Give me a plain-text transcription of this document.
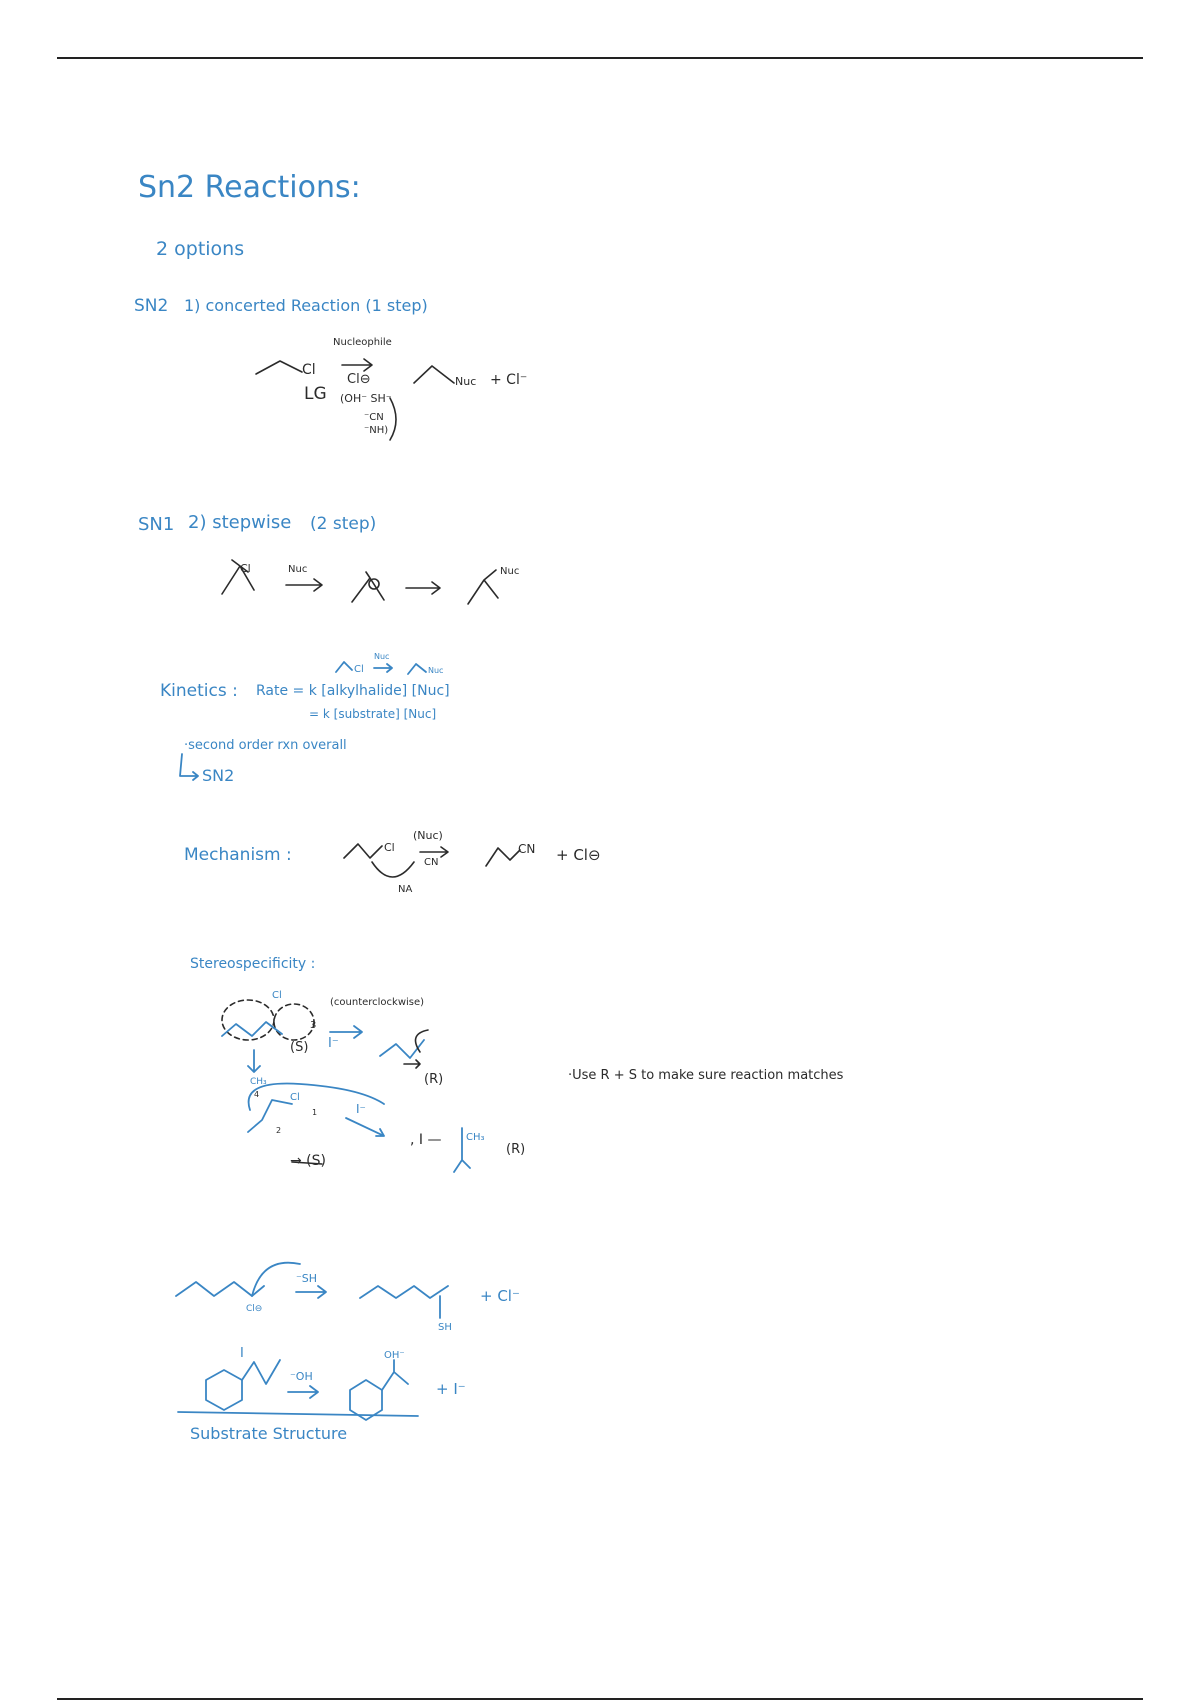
Sn2 Reactions:
2 options
SN2 1) concerted Reaction (1 step)
Nucleophile
Cl
LG
Cl⊖
(OH⁻ SH⁻
⁻CN
⁻NH)
Nuc + Cl⁻
SN1 2) stepwise (2 step)
Cl	Nuc	Nuc
Cl
Nuc
Nuc
Kinetics : Rate = k [alkylhalide] [Nuc]
= k [substrate] [Nuc]
·second order rxn overall
SN2
Mechanism :
(Nuc)
Cl
CN
NA
CN + Cl⊖
Stereospecificity :
(counterclockwise)
Cl
3
I⁻
(S)
(R)
CH₃
Cl
1
4
2
I⁻
, I — CH₃
(R)
→ (S)
·Use R + S to make sure reaction matches
⁻SH
Cl⊖
SH
+ Cl⁻
I
⁻OH
OH⁻
+ I⁻
Substrate Structure
